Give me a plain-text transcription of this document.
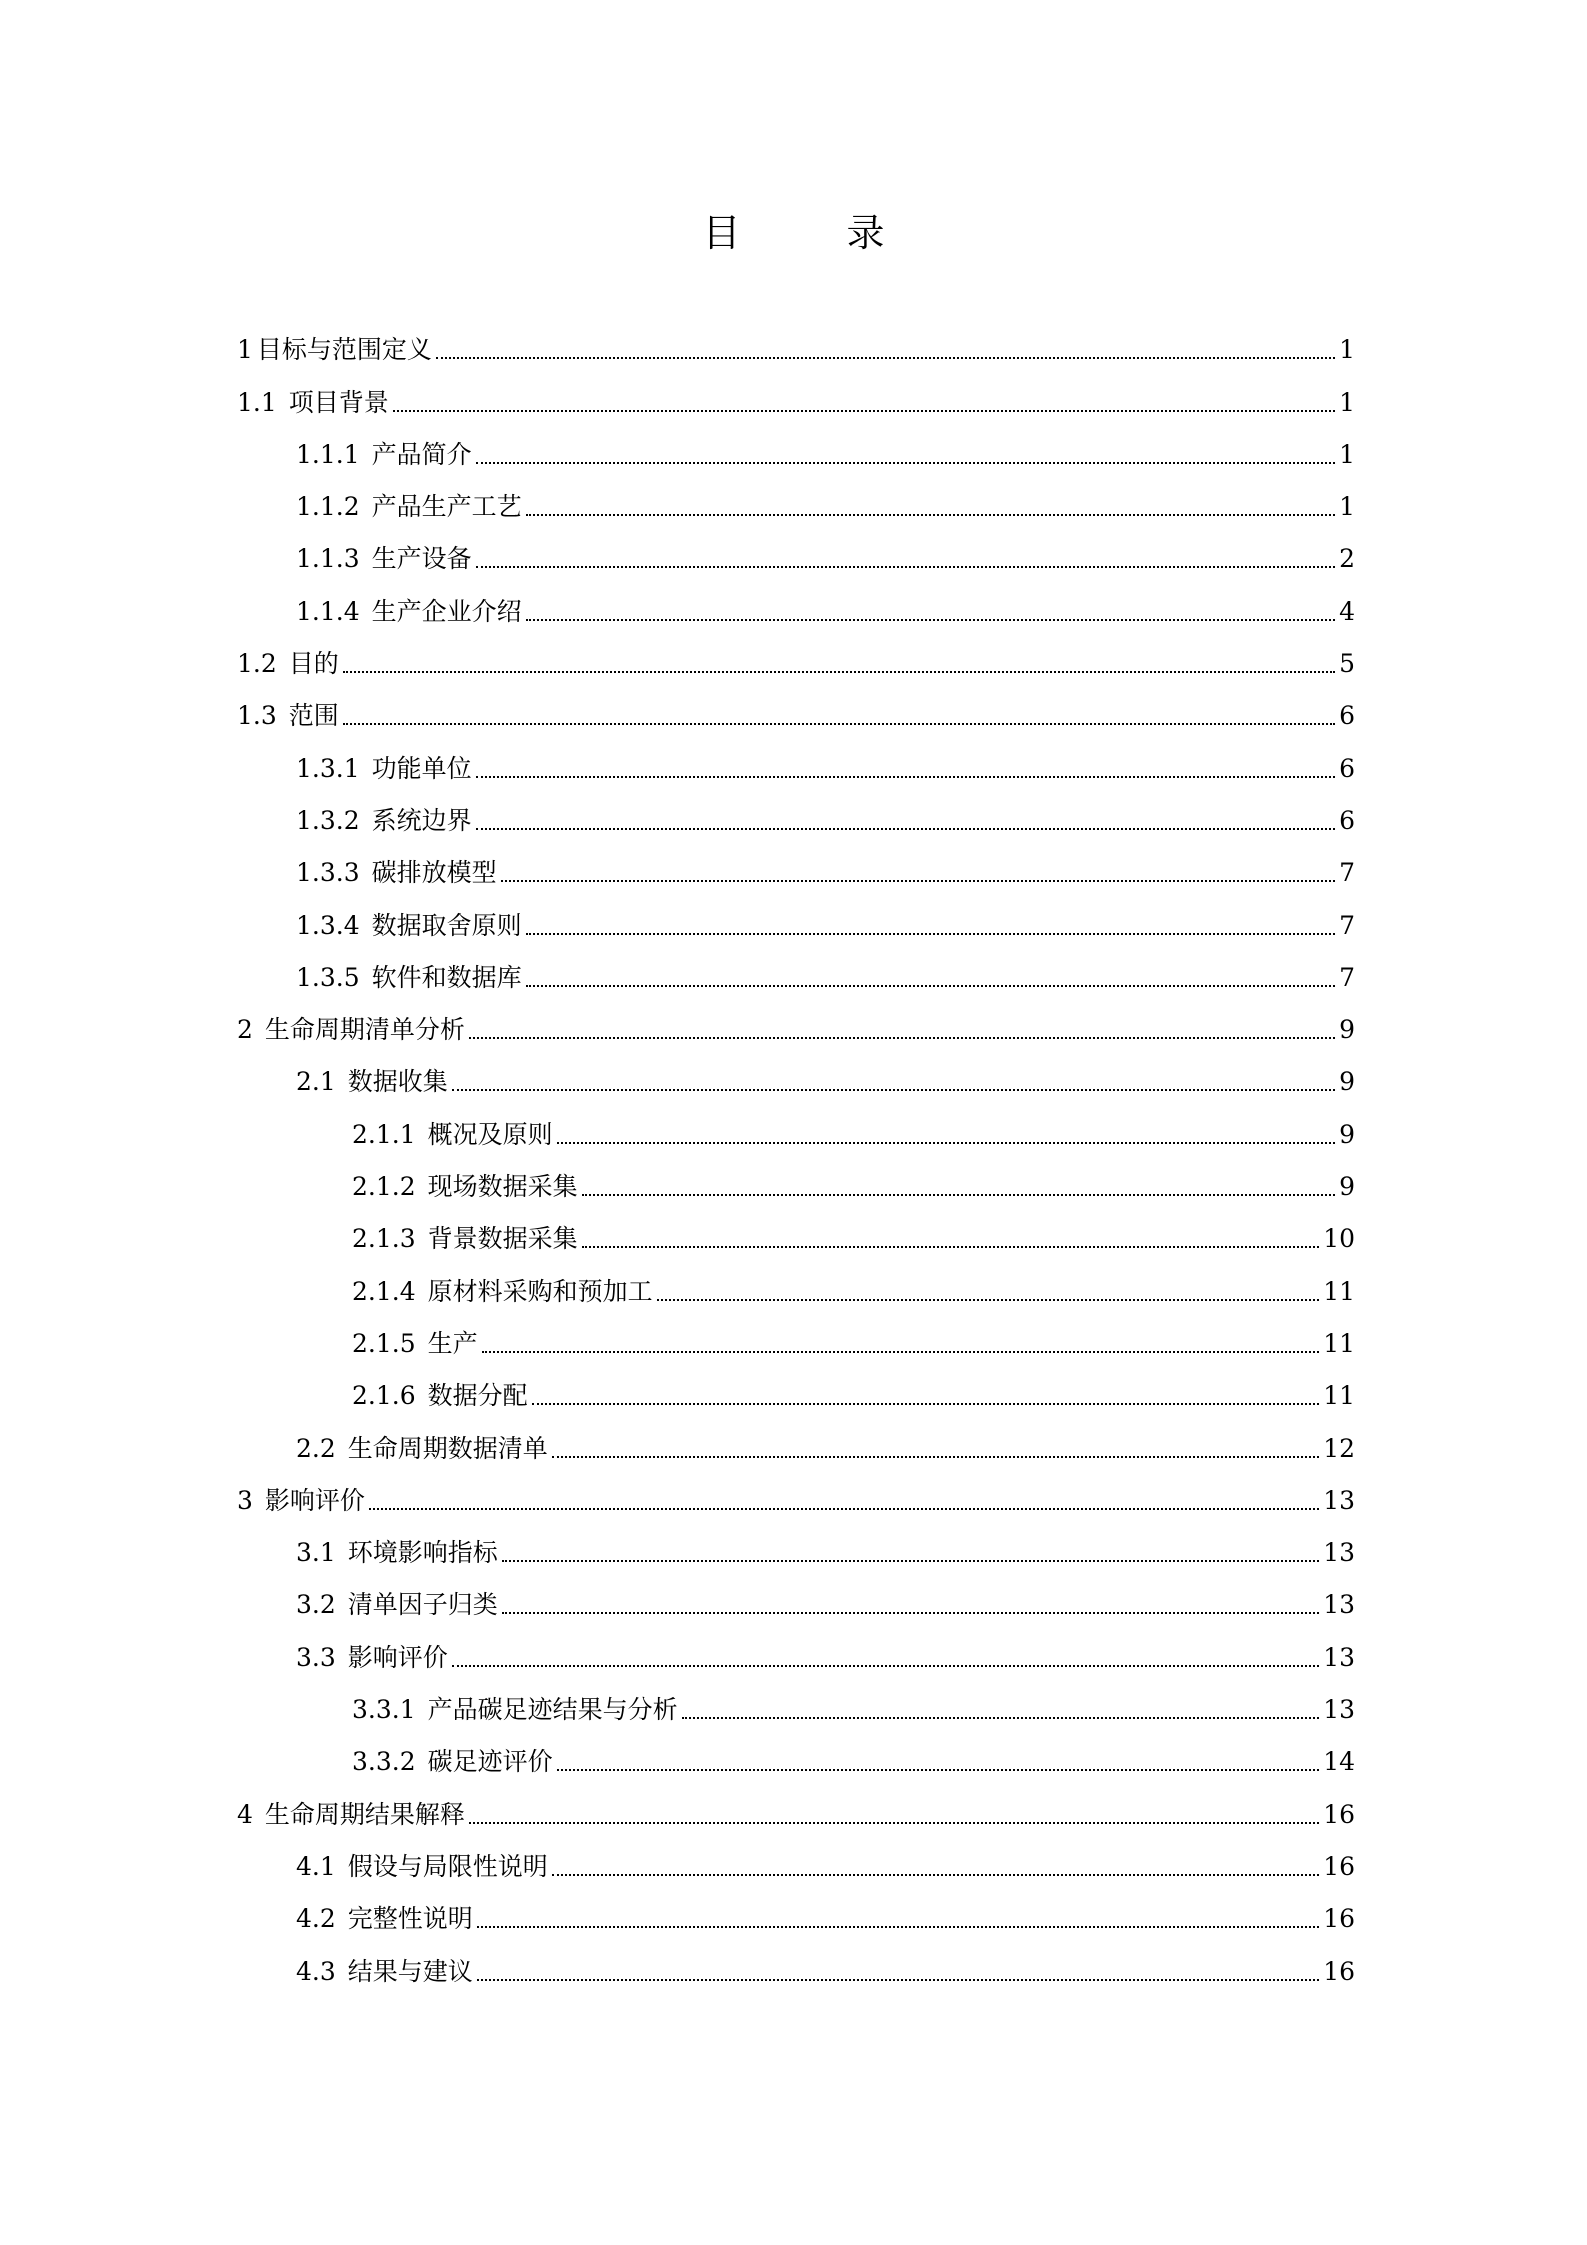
目　录
1 目标与范围定义	1
1.1 项目背景	1
1.1.1 产品简介	1
1.1.2 产品生产工艺	1
1.1.3 生产设备	2
1.1.4 生产企业介绍	4
1.2 目的	5
1.3 范围	6
1.3.1 功能单位	6
1.3.2 系统边界	6
1.3.3 碳排放模型	7
1.3.4 数据取舍原则	7
1.3.5 软件和数据库	7
2 生命周期清单分析	9
2.1 数据收集	9
2.1.1 概况及原则	9
2.1.2 现场数据采集	9
2.1.3 背景数据采集	10
2.1.4 原材料采购和预加工	11
2.1.5 生产	11
2.1.6 数据分配	11
2.2 生命周期数据清单	12
3 影响评价	13
3.1 环境影响指标	13
3.2 清单因子归类	13
3.3 影响评价	13
3.3.1 产品碳足迹结果与分析	13
3.3.2 碳足迹评价	14
4 生命周期结果解释	16
4.1 假设与局限性说明	16
4.2 完整性说明	16
4.3 结果与建议	16
